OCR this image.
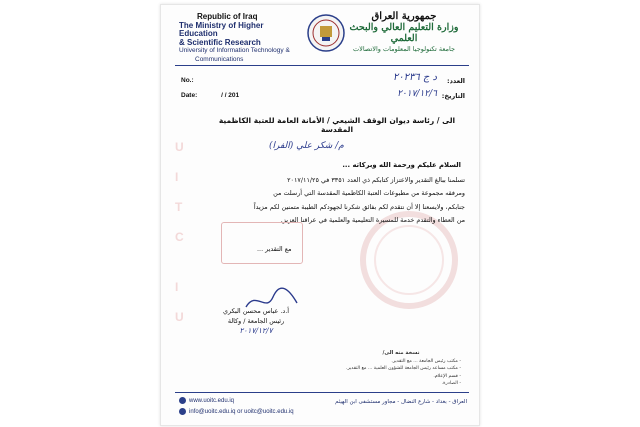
Republic of Iraq
The Ministry of Higher Education
& Scientific Research
University of Information Technology &
Communications
جمهورية العراق
وزارة التعليم العالي والبحث العلمي
جامعة تكنولوجيا المعلومات والاتصالات
No.:
Date:	/ / 201
العدد:
التاريخ:
د ج ٢٠٢٣٦
٢٠١٧/١٢/٦
U
I
T
C
I
U
الى / رئاسة ديوان الوقف الشيعي / الأمانة العامة للعتبة الكاظمية المقدسة
م/ شكر علي (الفرا)
السلام عليكم ورحمة الله وبركاته ...
تسلمنا ببالغ التقدير والاعتزاز كتابكم ذي العدد ٣٣٥١ في ٢٠١٧/١١/٢٥
ومرفقه مجموعة من مطبوعات العتبة الكاظمية المقدسة التي أرسلت من
جنابكم، ولايسعنا إلا أن نتقدم لكم بفائق شكرنا لجهودكم الطيبة متمنين لكم مزيداً
من العطاء والتقدم خدمة للمسيرة التعليمية والعلمية في عراقنا العزيز.
مع التقدير ...
أ.د. عباس محسن البكري
رئيس الجامعة / وكالة
٢٠١٧/١٢/٧
نسخة منه الى/
- مكتب رئيس الجامعة ... مع التقدير.
- مكتب مساعد رئيس الجامعة للشؤون العلمية ... مع التقدير.
- قسم الإعلام.
- الصادرة.
www.uoitc.edu.iq
info@uoitc.edu.iq or uoitc@uoitc.edu.iq
العراق - بغداد - شارع النضال - مجاور مستشفى ابن الهيثم
